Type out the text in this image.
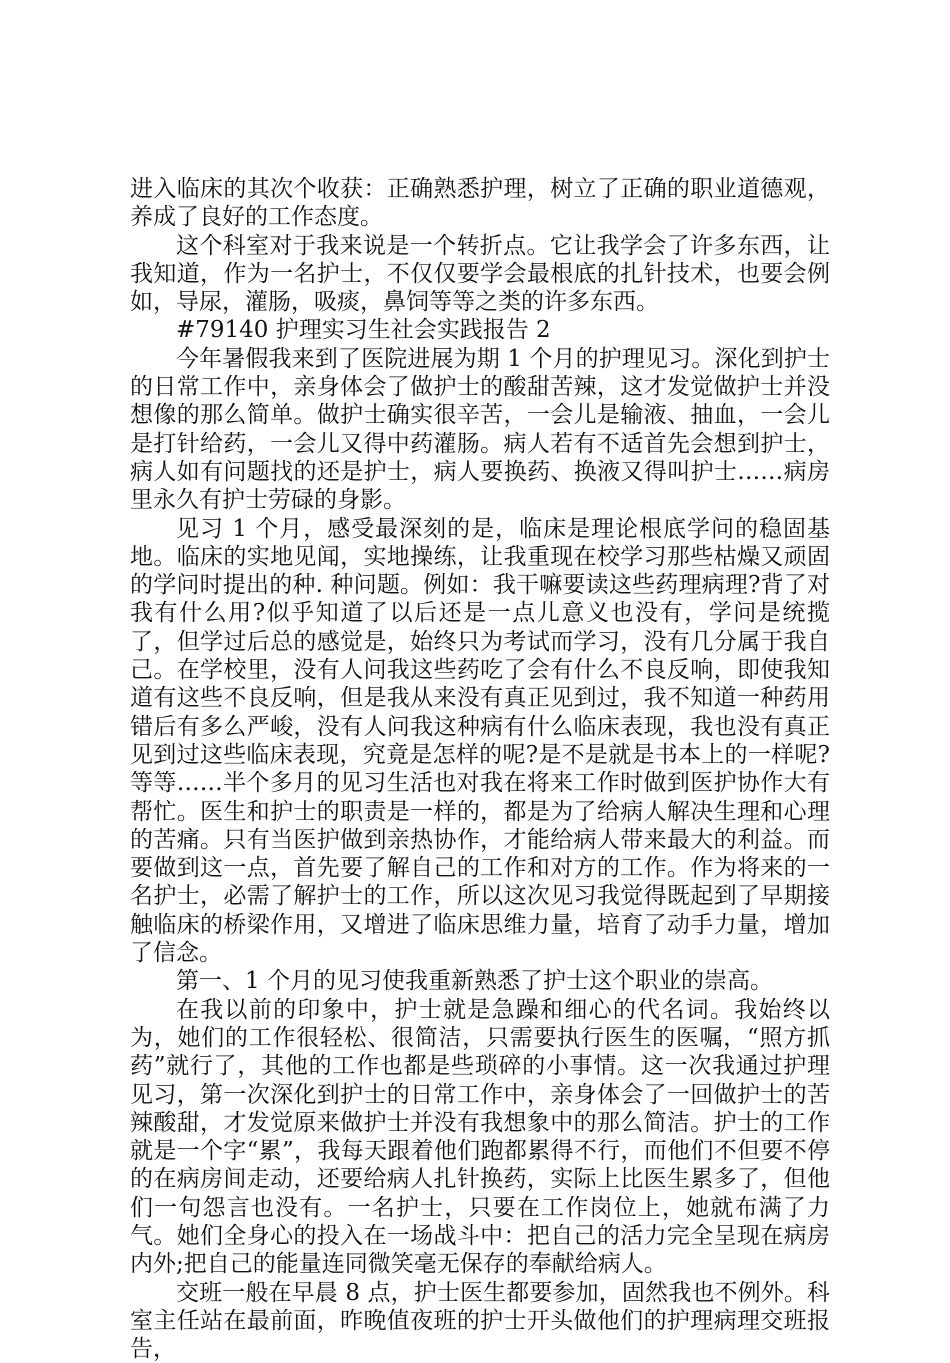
进入临床的其次个收获：正确熟悉护理，树立了正确的职业道德观，养成了良好的工作态度。

这个科室对于我来说是一个转折点。它让我学会了许多东西，让我知道，作为一名护士，不仅仅要学会最根底的扎针技术，也要会例如，导尿，灌肠，吸痰，鼻饲等等之类的许多东西。

#79140 护理实习生社会实践报告 2

今年暑假我来到了医院进展为期 1 个月的护理见习。深化到护士的日常工作中，亲身体会了做护士的酸甜苦辣，这才发觉做护士并没想像的那么简单。做护士确实很辛苦，一会儿是输液、抽血，一会儿是打针给药，一会儿又得中药灌肠。病人若有不适首先会想到护士，病人如有问题找的还是护士，病人要换药、换液又得叫护士……病房里永久有护士劳碌的身影。

见习 1 个月，感受最深刻的是，临床是理论根底学问的稳固基地。临床的实地见闻，实地操练，让我重现在校学习那些枯燥又顽固的学问时提出的种. 种问题。例如：我干嘛要读这些药理病理?背了对我有什么用?似乎知道了以后还是一点儿意义也没有，学问是统揽了，但学过后总的感觉是，始终只为考试而学习，没有几分属于我自己。在学校里，没有人问我这些药吃了会有什么不良反响，即使我知道有这些不良反响，但是我从来没有真正见到过，我不知道一种药用错后有多么严峻，没有人问我这种病有什么临床表现，我也没有真正见到过这些临床表现，究竟是怎样的呢?是不是就是书本上的一样呢?等等……半个多月的见习生活也对我在将来工作时做到医护协作大有帮忙。医生和护士的职责是一样的，都是为了给病人解决生理和心理的苦痛。只有当医护做到亲热协作，才能给病人带来最大的利益。而要做到这一点，首先要了解自己的工作和对方的工作。作为将来的一名护士，必需了解护士的工作，所以这次见习我觉得既起到了早期接触临床的桥梁作用，又增进了临床思维力量，培育了动手力量，增加了信念。

第一、1 个月的见习使我重新熟悉了护士这个职业的崇高。

在我以前的印象中，护士就是急躁和细心的代名词。我始终以为，她们的工作很轻松、很简洁，只需要执行医生的医嘱，“照方抓药”就行了，其他的工作也都是些琐碎的小事情。这一次我通过护理见习，第一次深化到护士的日常工作中，亲身体会了一回做护士的苦辣酸甜，才发觉原来做护士并没有我想象中的那么简洁。护士的工作就是一个字“累”，我每天跟着他们跑都累得不行，而他们不但要不停的在病房间走动，还要给病人扎针换药，实际上比医生累多了，但他们一句怨言也没有。一名护士，只要在工作岗位上，她就布满了力气。她们全身心的投入在一场战斗中：把自己的活力完全呈现在病房内外;把自己的能量连同微笑毫无保存的奉献给病人。

交班一般在早晨 8 点，护士医生都要参加，固然我也不例外。科室主任站在最前面，昨晚值夜班的护士开头做他们的护理病理交班报告，
